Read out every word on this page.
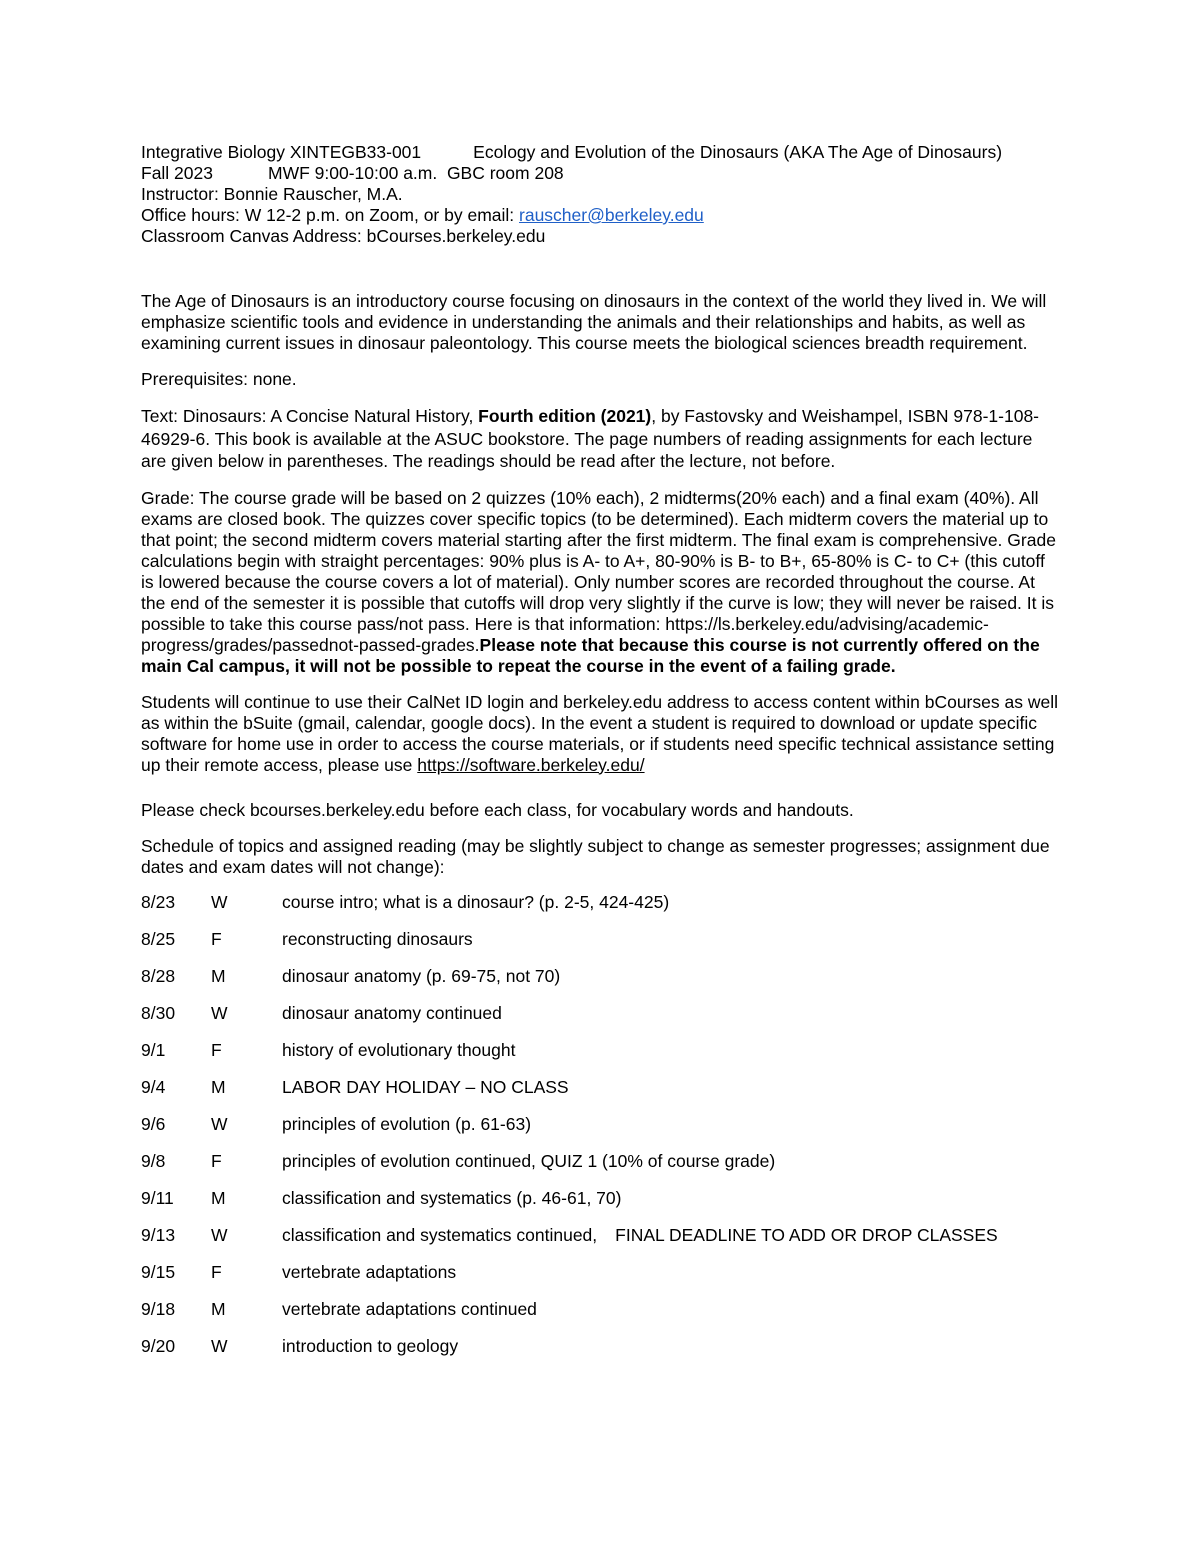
Integrative Biology XINTEGB33-001	Ecology and Evolution of the Dinosaurs (AKA The Age of Dinosaurs)
Fall 2023	MWF 9:00-10:00 a.m.  GBC room 208
Instructor: Bonnie Rauscher, M.A.
Office hours: W 12-2 p.m. on Zoom, or by email: rauscher@berkeley.edu
Classroom Canvas Address: bCourses.berkeley.edu

The Age of Dinosaurs is an introductory course focusing on dinosaurs in the context of the world they lived in. We will emphasize scientific tools and evidence in understanding the animals and their relationships and habits, as well as examining current issues in dinosaur paleontology. This course meets the biological sciences breadth requirement.

Prerequisites: none.

Text: Dinosaurs: A Concise Natural History, Fourth edition (2021), by Fastovsky and Weishampel, ISBN 978-1-108-46929-6. This book is available at the ASUC bookstore. The page numbers of reading assignments for each lecture are given below in parentheses. The readings should be read after the lecture, not before.

Grade: The course grade will be based on 2 quizzes (10% each), 2 midterms(20% each) and a final exam (40%). All exams are closed book. The quizzes cover specific topics (to be determined). Each midterm covers the material up to that point; the second midterm covers material starting after the first midterm. The final exam is comprehensive. Grade calculations begin with straight percentages: 90% plus is A- to A+, 80-90% is B- to B+, 65-80% is C- to C+ (this cutoff is lowered because the course covers a lot of material). Only number scores are recorded throughout the course. At the end of the semester it is possible that cutoffs will drop very slightly if the curve is low; they will never be raised. It is possible to take this course pass/not pass. Here is that information: https://ls.berkeley.edu/advising/academic-progress/grades/passednot-passed-grades.Please note that because this course is not currently offered on the main Cal campus, it will not be possible to repeat the course in the event of a failing grade.

Students will continue to use their CalNet ID login and berkeley.edu address to access content within bCourses as well as within the bSuite (gmail, calendar, google docs). In the event a student is required to download or update specific software for home use in order to access the course materials, or if students need specific technical assistance setting up their remote access, please use https://software.berkeley.edu/

Please check bcourses.berkeley.edu before each class, for vocabulary words and handouts.

Schedule of topics and assigned reading (may be slightly subject to change as semester progresses; assignment due dates and exam dates will not change):

8/23	W	course intro; what is a dinosaur? (p. 2-5, 424-425)
8/25	F	reconstructing dinosaurs
8/28	M	dinosaur anatomy (p. 69-75, not 70)
8/30	W	dinosaur anatomy continued
9/1	F	history of evolutionary thought
9/4	M	LABOR DAY HOLIDAY – NO CLASS
9/6	W	principles of evolution (p. 61-63)
9/8	F	principles of evolution continued, QUIZ 1 (10% of course grade)
9/11	M	classification and systematics (p. 46-61, 70)
9/13	W	classification and systematics continued, FINAL DEADLINE TO ADD OR DROP CLASSES
9/15	F	vertebrate adaptations
9/18	M	vertebrate adaptations continued
9/20	W	introduction to geology
